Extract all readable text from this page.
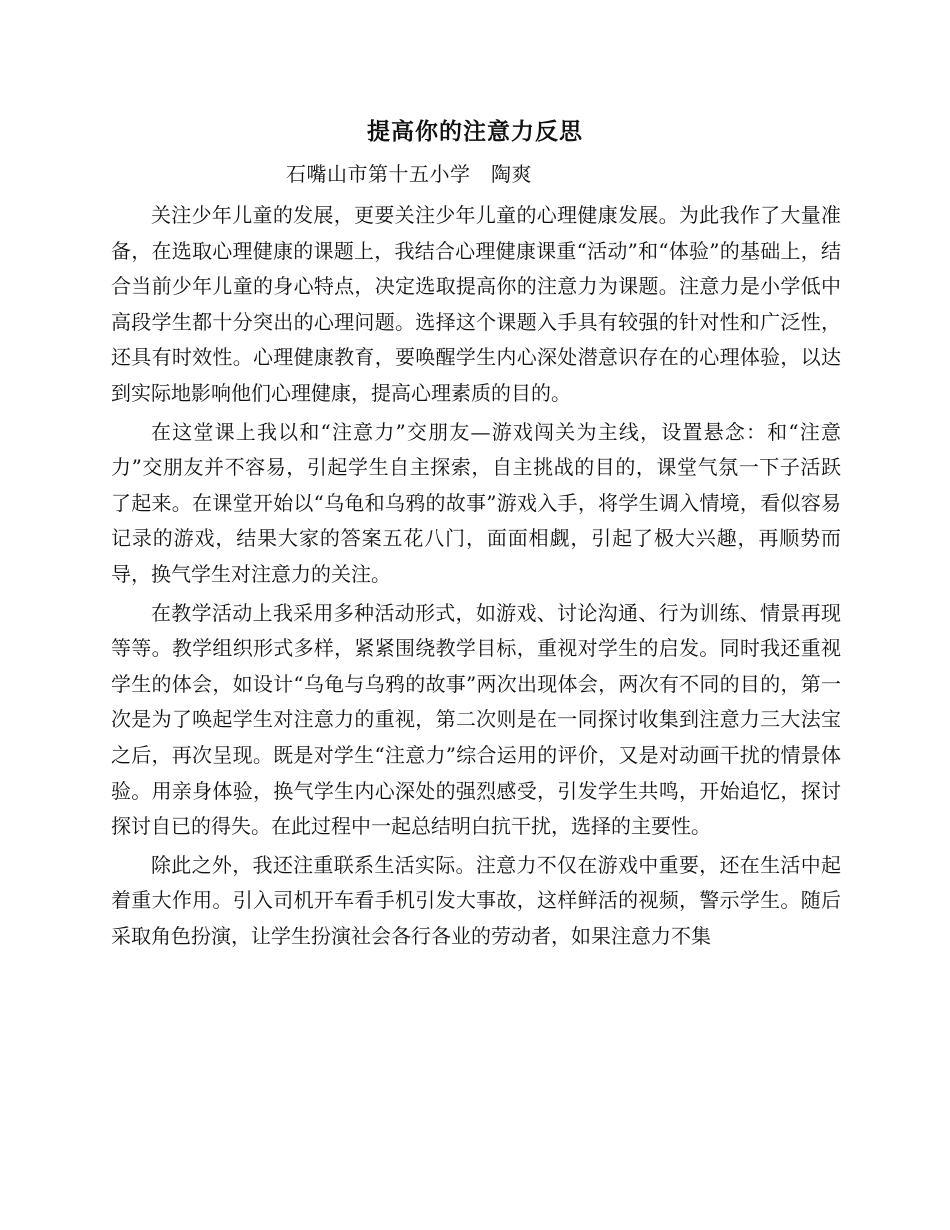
提高你的注意力反思
石嘴山市第十五小学　陶爽

关注少年儿童的发展，更要关注少年儿童的心理健康发展。为此我作了大量准备，在选取心理健康的课题上，我结合心理健康课重“活动”和“体验”的基础上，结合当前少年儿童的身心特点，决定选取提高你的注意力为课题。注意力是小学低中高段学生都十分突出的心理问题。选择这个课题入手具有较强的针对性和广泛性，还具有时效性。心理健康教育，要唤醒学生内心深处潜意识存在的心理体验，以达到实际地影响他们心理健康，提高心理素质的目的。

在这堂课上我以和“注意力”交朋友—游戏闯关为主线，设置悬念：和“注意力”交朋友并不容易，引起学生自主探索，自主挑战的目的，课堂气氛一下子活跃了起来。在课堂开始以“乌龟和乌鸦的故事”游戏入手，将学生调入情境，看似容易记录的游戏，结果大家的答案五花八门，面面相觑，引起了极大兴趣，再顺势而导，换气学生对注意力的关注。

在教学活动上我采用多种活动形式，如游戏、讨论沟通、行为训练、情景再现等等。教学组织形式多样，紧紧围绕教学目标，重视对学生的启发。同时我还重视学生的体会，如设计“乌龟与乌鸦的故事”两次出现体会，两次有不同的目的，第一次是为了唤起学生对注意力的重视，第二次则是在一同探讨收集到注意力三大法宝之后，再次呈现。既是对学生“注意力”综合运用的评价，又是对动画干扰的情景体验。用亲身体验，换气学生内心深处的强烈感受，引发学生共鸣，开始追忆，探讨探讨自已的得失。在此过程中一起总结明白抗干扰，选择的主要性。

除此之外，我还注重联系生活实际。注意力不仅在游戏中重要，还在生活中起着重大作用。引入司机开车看手机引发大事故，这样鲜活的视频，警示学生。随后采取角色扮演，让学生扮演社会各行各业的劳动者，如果注意力不集
